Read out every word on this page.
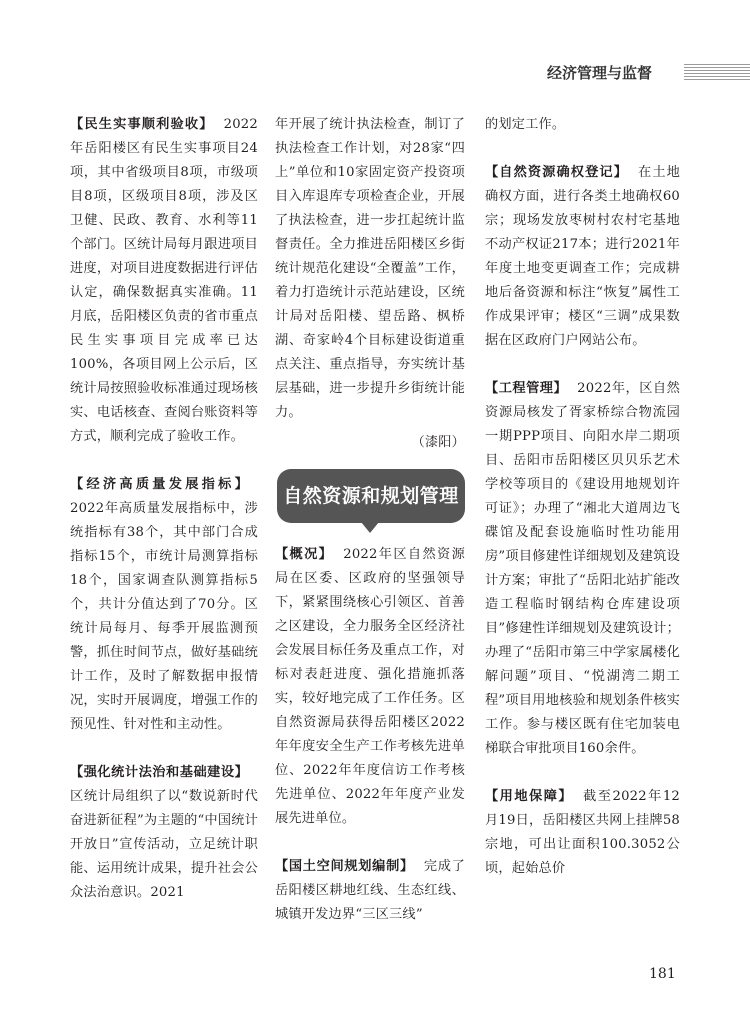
经济管理与监督

【民生实事顺利验收】 2022年岳阳楼区有民生实事项目24项，其中省级项目8项，市级项目8项，区级项目8项，涉及区卫健、民政、教育、水利等11个部门。区统计局每月跟进项目进度，对项目进度数据进行评估认定，确保数据真实准确。11月底，岳阳楼区负责的省市重点民生实事项目完成率已达100%，各项目网上公示后，区统计局按照验收标准通过现场核实、电话核查、查阅台账资料等方式，顺利完成了验收工作。

【经济高质量发展指标】2022年高质量发展指标中，涉统指标有38个，其中部门合成指标15个，市统计局测算指标18个，国家调查队测算指标5个，共计分值达到了70分。区统计局每月、每季开展监测预警，抓住时间节点，做好基础统计工作，及时了解数据申报情况，实时开展调度，增强工作的预见性、针对性和主动性。

【强化统计法治和基础建设】区统计局组织了以“数说新时代 奋进新征程”为主题的“中国统计开放日”宣传活动，立足统计职能、运用统计成果，提升社会公众法治意识。2021

年开展了统计执法检查，制订了执法检查工作计划，对28家“四上”单位和10家固定资产投资项目入库退库专项检查企业，开展了执法检查，进一步扛起统计监督责任。全力推进岳阳楼区乡街统计规范化建设“全覆盖”工作，着力打造统计示范站建设，区统计局对岳阳楼、望岳路、枫桥湖、奇家岭4个目标建设街道重点关注、重点指导，夯实统计基层基础，进一步提升乡街统计能力。

（漆阳）

自然资源和规划管理

【概况】 2022年区自然资源局在区委、区政府的坚强领导下，紧紧围绕核心引领区、首善之区建设，全力服务全区经济社会发展目标任务及重点工作，对标对表赶进度、强化措施抓落实，较好地完成了工作任务。区自然资源局获得岳阳楼区2022年年度安全生产工作考核先进单位、2022年年度信访工作考核先进单位、2022年年度产业发展先进单位。

【国土空间规划编制】 完成了岳阳楼区耕地红线、生态红线、城镇开发边界“三区三线”

的划定工作。

【自然资源确权登记】 在土地确权方面，进行各类土地确权60宗；现场发放枣树村农村宅基地不动产权证217本；进行2021年年度土地变更调查工作；完成耕地后备资源和标注“恢复”属性工作成果评审；楼区“三调”成果数据在区政府门户网站公布。

【工程管理】 2022年，区自然资源局核发了胥家桥综合物流园一期PPP项目、向阳水岸二期项目、岳阳市岳阳楼区贝贝乐艺术学校等项目的《建设用地规划许可证》；办理了“湘北大道周边飞碟馆及配套设施临时性功能用房”项目修建性详细规划及建筑设计方案；审批了“岳阳北站扩能改造工程临时钢结构仓库建设项目”修建性详细规划及建筑设计；办理了“岳阳市第三中学家属楼化解问题”项目、“悦湖湾二期工程”项目用地核验和规划条件核实工作。参与楼区既有住宅加装电梯联合审批项目160余件。

【用地保障】 截至2022年12月19日，岳阳楼区共网上挂牌58宗地，可出让面积100.3052公顷，起始总价

181
